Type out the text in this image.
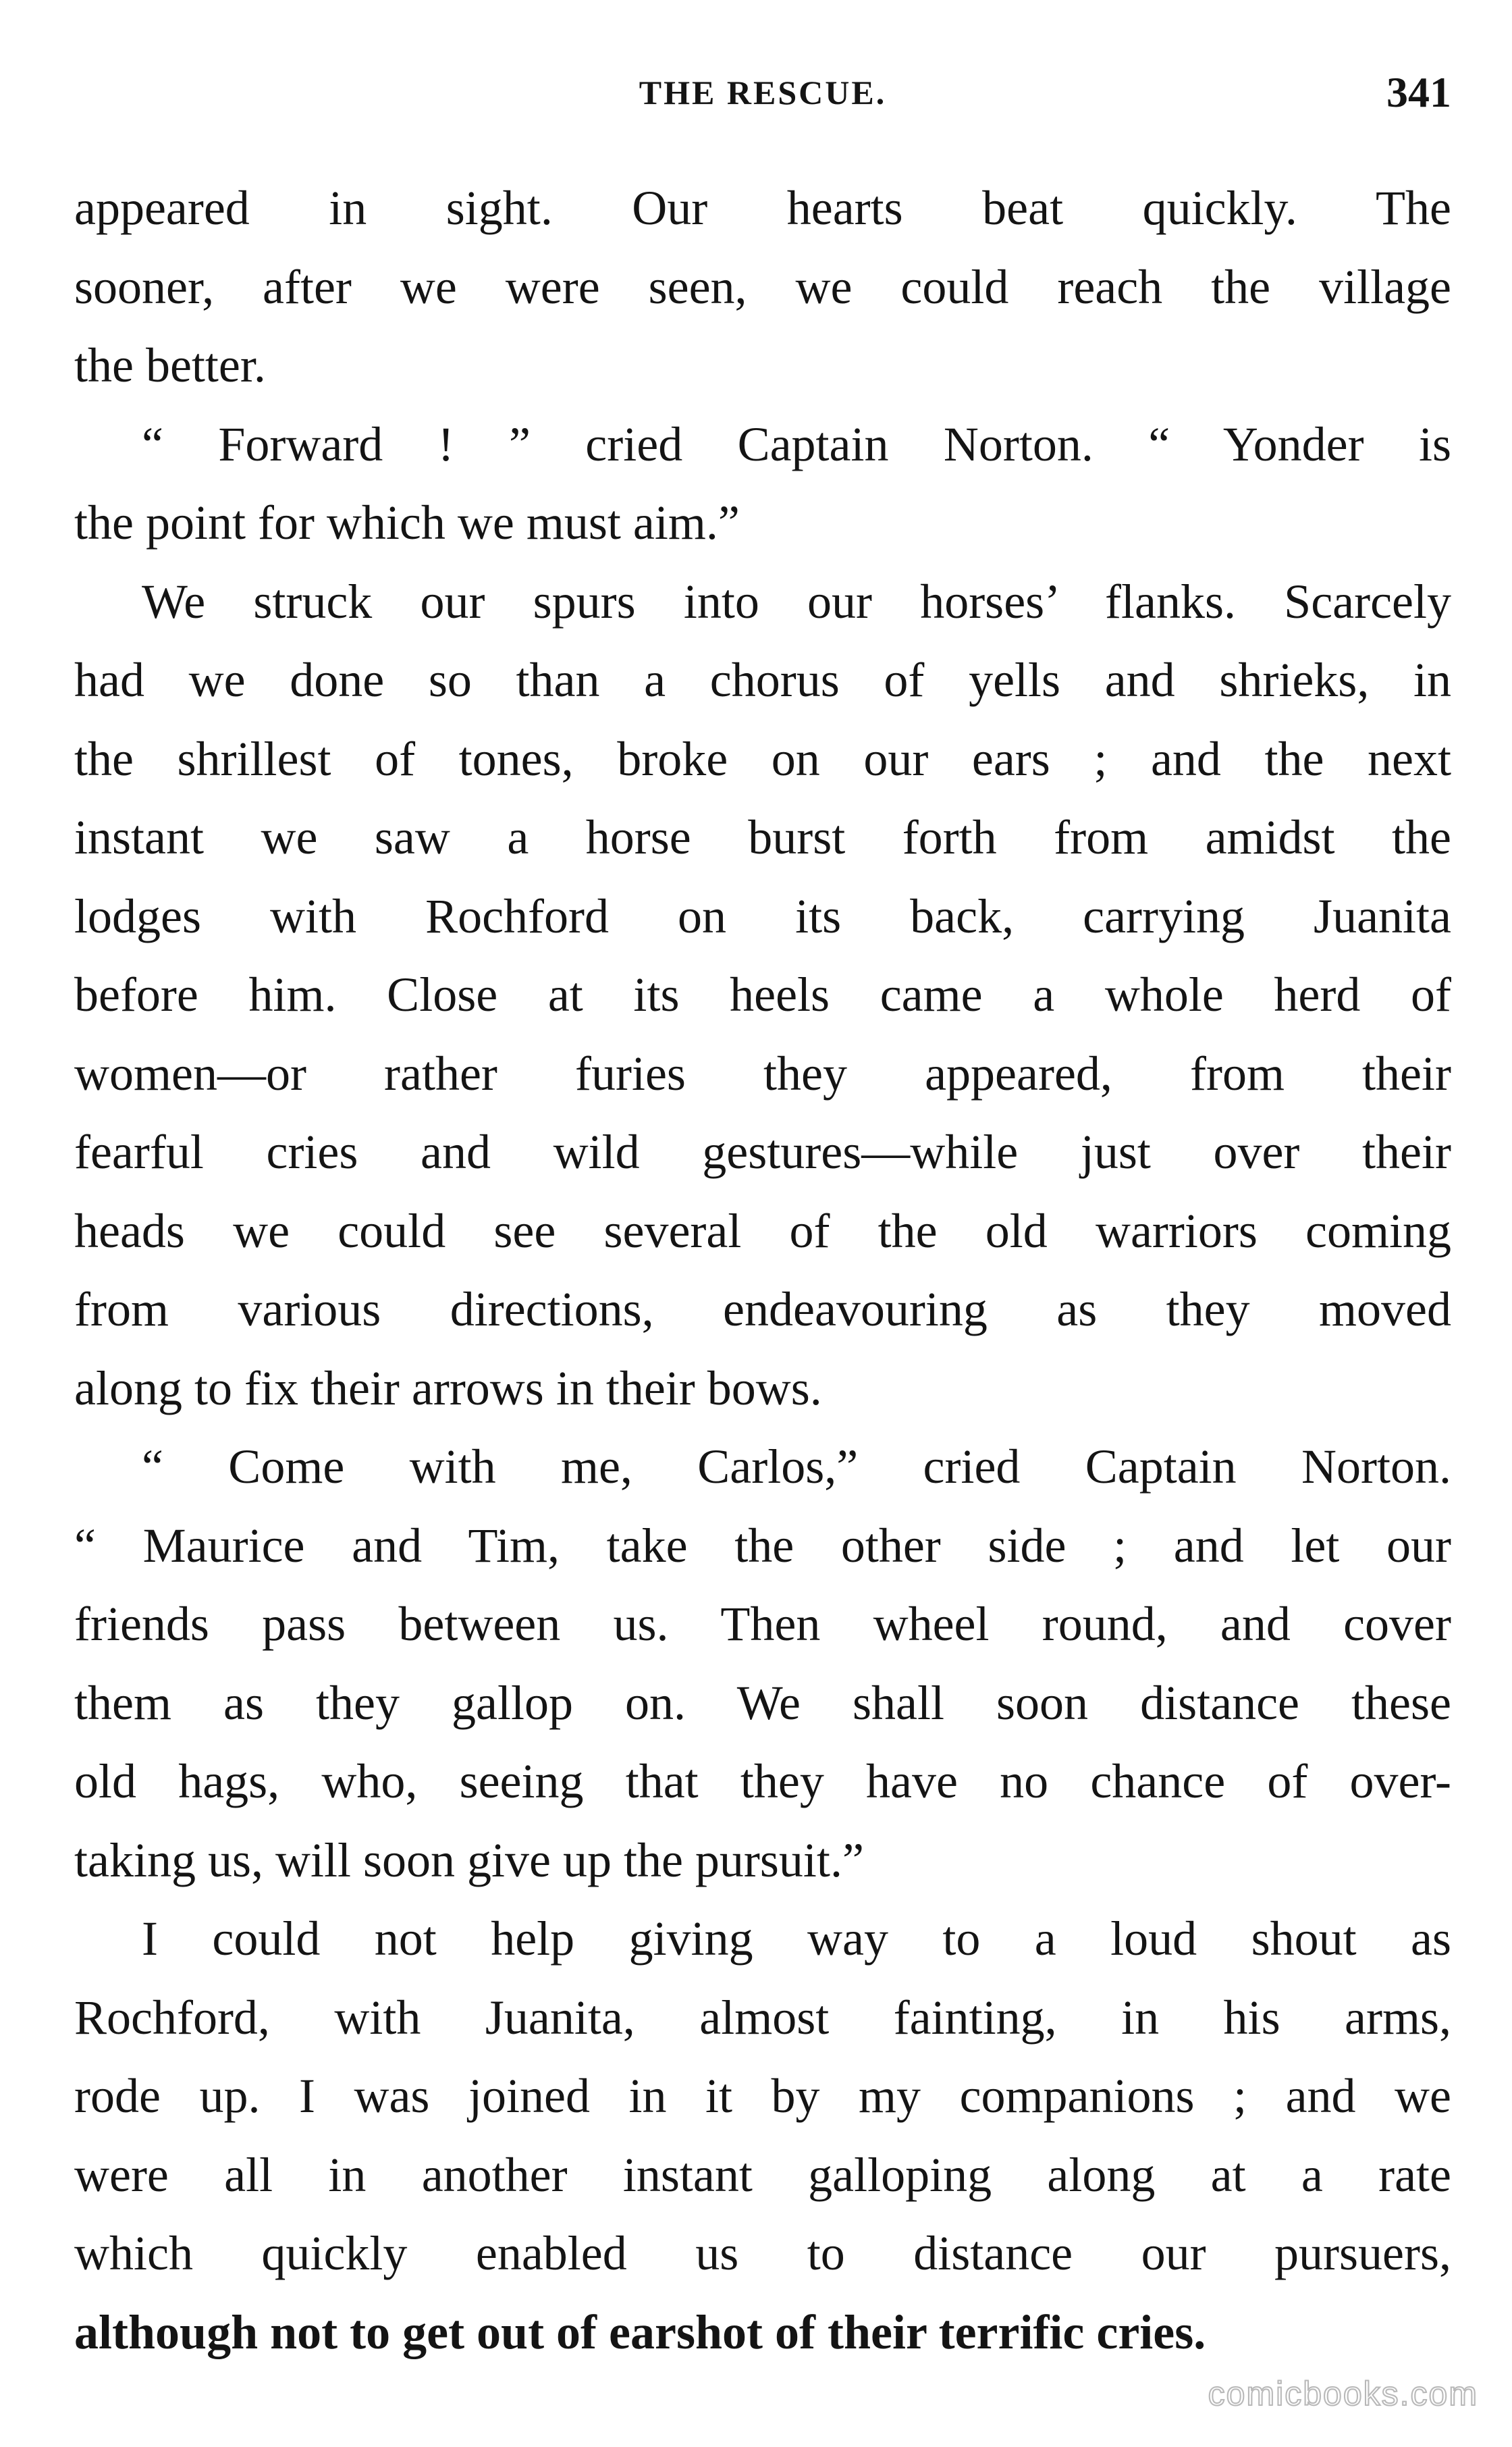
THE RESCUE.	341
appeared in sight. Our hearts beat quickly. The
sooner, after we were seen, we could reach the village
the better.
“ Forward ! ” cried Captain Norton. “ Yonder is
the point for which we must aim.”
We struck our spurs into our horses’ flanks. Scarcely
had we done so than a chorus of yells and shrieks, in
the shrillest of tones, broke on our ears ; and the next
instant we saw a horse burst forth from amidst the
lodges with Rochford on its back, carrying Juanita
before him. Close at its heels came a whole herd of
women—or rather furies they appeared, from their
fearful cries and wild gestures—while just over their
heads we could see several of the old warriors coming
from various directions, endeavouring as they moved
along to fix their arrows in their bows.
“ Come with me, Carlos,” cried Captain Norton.
“ Maurice and Tim, take the other side ; and let our
friends pass between us. Then wheel round, and cover
them as they gallop on. We shall soon distance these
old hags, who, seeing that they have no chance of over-
taking us, will soon give up the pursuit.”
I could not help giving way to a loud shout as
Rochford, with Juanita, almost fainting, in his arms,
rode up. I was joined in it by my companions ; and we
were all in another instant galloping along at a rate
which quickly enabled us to distance our pursuers,
although not to get out of earshot of their terrific cries.
comicbooks.com
